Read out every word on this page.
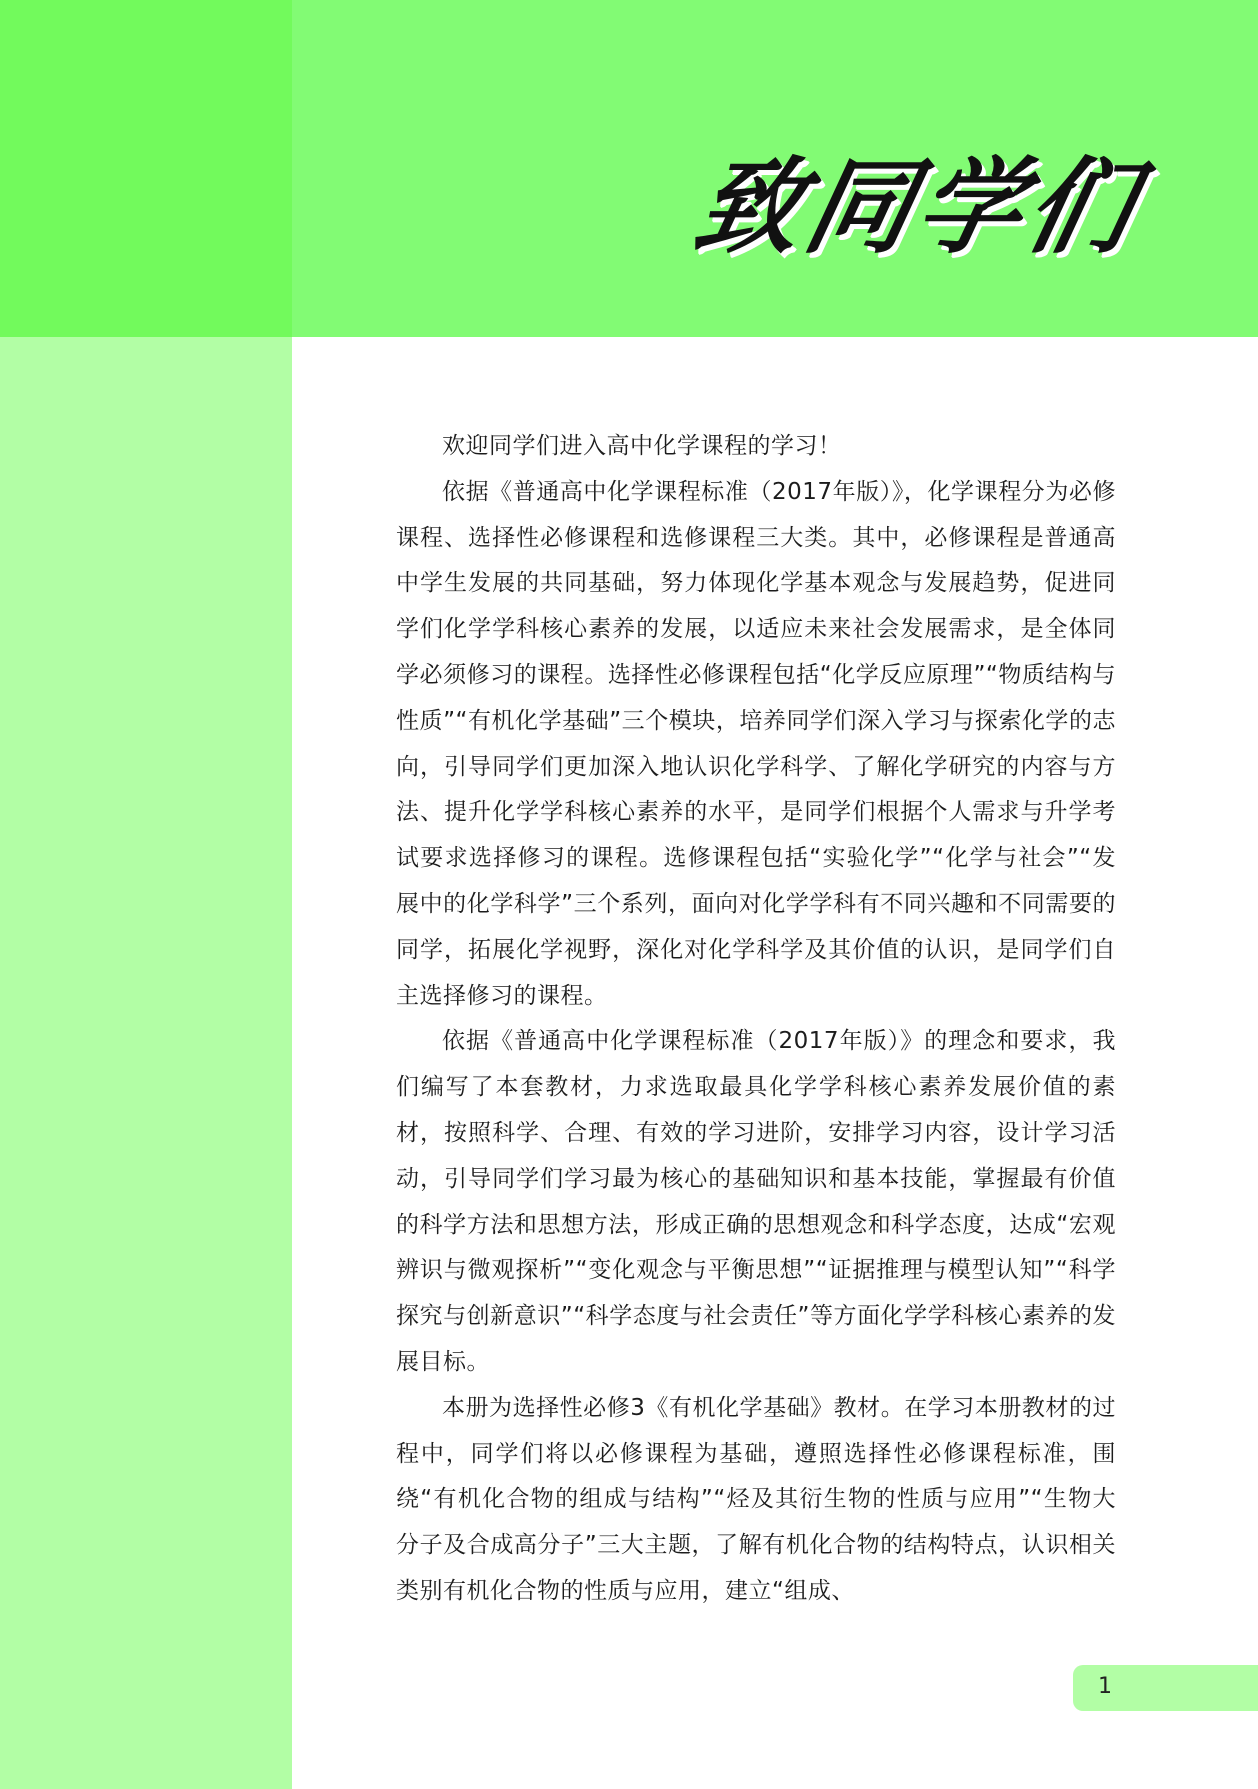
致同学们

欢迎同学们进入高中化学课程的学习！

依据《普通高中化学课程标准（2017年版）》，化学课程分为必修课程、选择性必修课程和选修课程三大类。其中，必修课程是普通高中学生发展的共同基础，努力体现化学基本观念与发展趋势，促进同学们化学学科核心素养的发展，以适应未来社会发展需求，是全体同学必须修习的课程。选择性必修课程包括“化学反应原理”“物质结构与性质”“有机化学基础”三个模块，培养同学们深入学习与探索化学的志向，引导同学们更加深入地认识化学科学、了解化学研究的内容与方法、提升化学学科核心素养的水平，是同学们根据个人需求与升学考试要求选择修习的课程。选修课程包括“实验化学”“化学与社会”“发展中的化学科学”三个系列，面向对化学学科有不同兴趣和不同需要的同学，拓展化学视野，深化对化学科学及其价值的认识，是同学们自主选择修习的课程。

依据《普通高中化学课程标准（2017年版）》的理念和要求，我们编写了本套教材，力求选取最具化学学科核心素养发展价值的素材，按照科学、合理、有效的学习进阶，安排学习内容，设计学习活动，引导同学们学习最为核心的基础知识和基本技能，掌握最有价值的科学方法和思想方法，形成正确的思想观念和科学态度，达成“宏观辨识与微观探析”“变化观念与平衡思想”“证据推理与模型认知”“科学探究与创新意识”“科学态度与社会责任”等方面化学学科核心素养的发展目标。

本册为选择性必修3《有机化学基础》教材。在学习本册教材的过程中，同学们将以必修课程为基础，遵照选择性必修课程标准，围绕“有机化合物的组成与结构”“烃及其衍生物的性质与应用”“生物大分子及合成高分子”三大主题，了解有机化合物的结构特点，认识相关类别有机化合物的性质与应用，建立“组成、

1
